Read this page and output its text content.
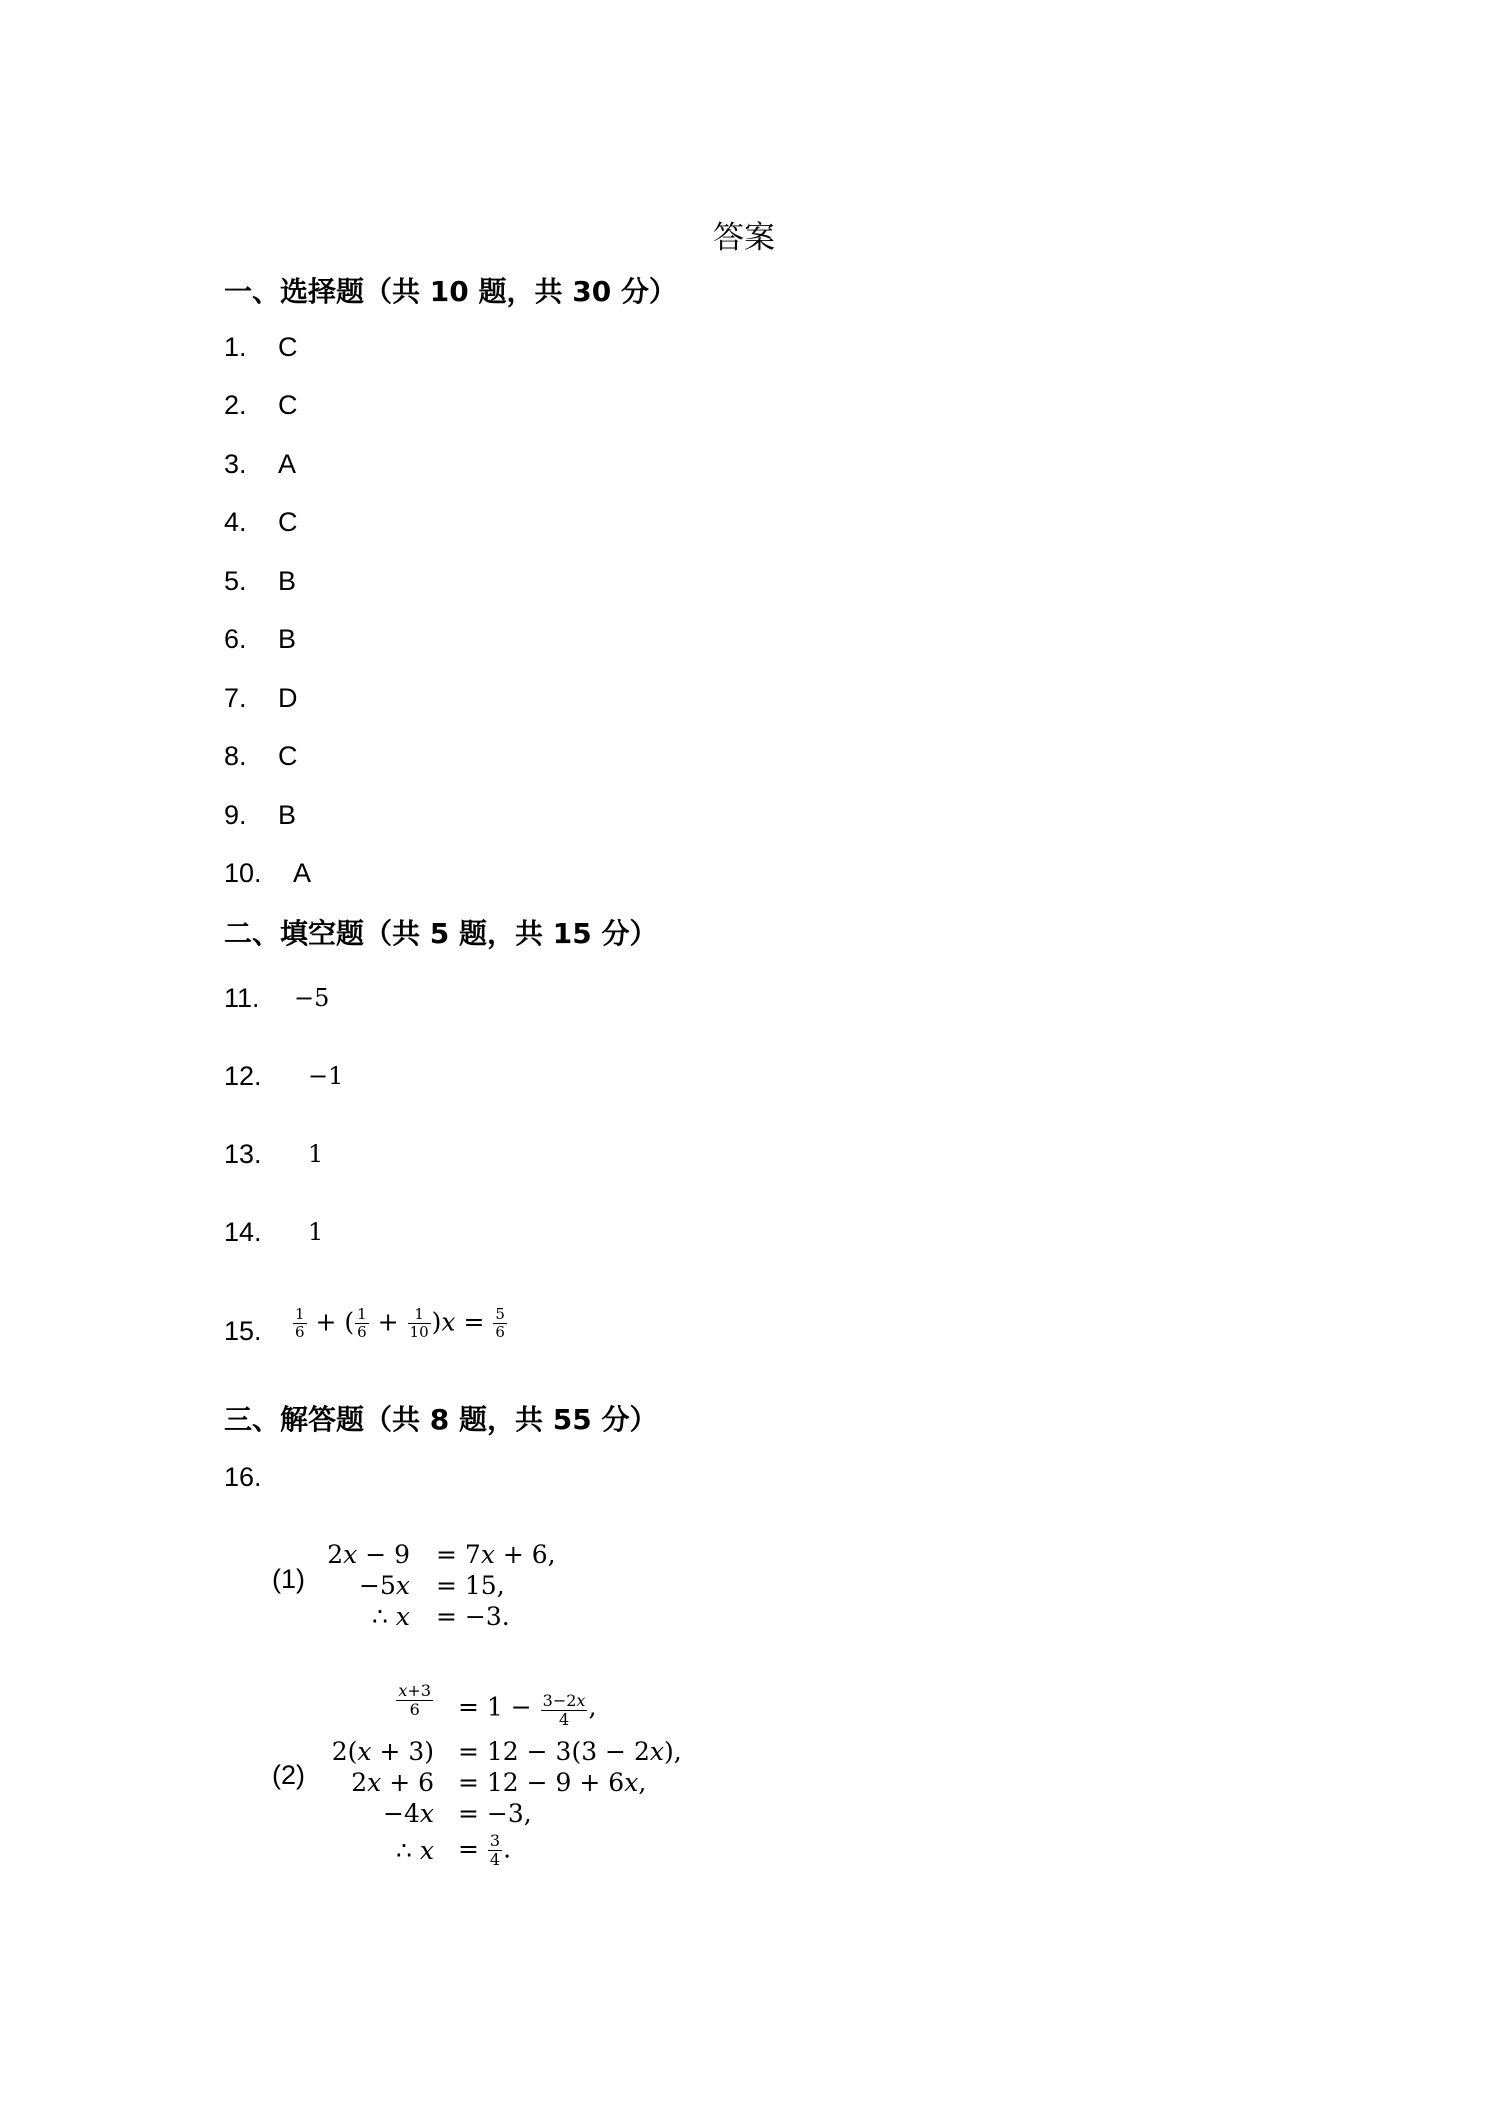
答案
一、选择题（共 10 题，共 30 分）
1. C
2. C
3. A
4. C
5. B
6. B
7. D
8. C
9. B
10. A
二、填空题（共 5 题，共 15 分）
11. −5
12. −1
13. 1
14. 1
15. $\frac{1}{6}$ + ( $\frac{1}{6} + \frac{1}{10} )x = \frac{5}{6}$
三、解答题（共 8 题，共 55 分）
16.
(1)
2x − 9 = 7x + 6,
−5x = 15,
∴ x = −3.
(2)
$\frac{x+3}{6} = 1 - \frac{3-2x}{4}$ ,
2(x + 3) = 12 − 3(3 − 2x),
2x + 6 = 12 − 9 + 6x,
−4x = −3,
∴ $x = \frac{3}{4}$ .
